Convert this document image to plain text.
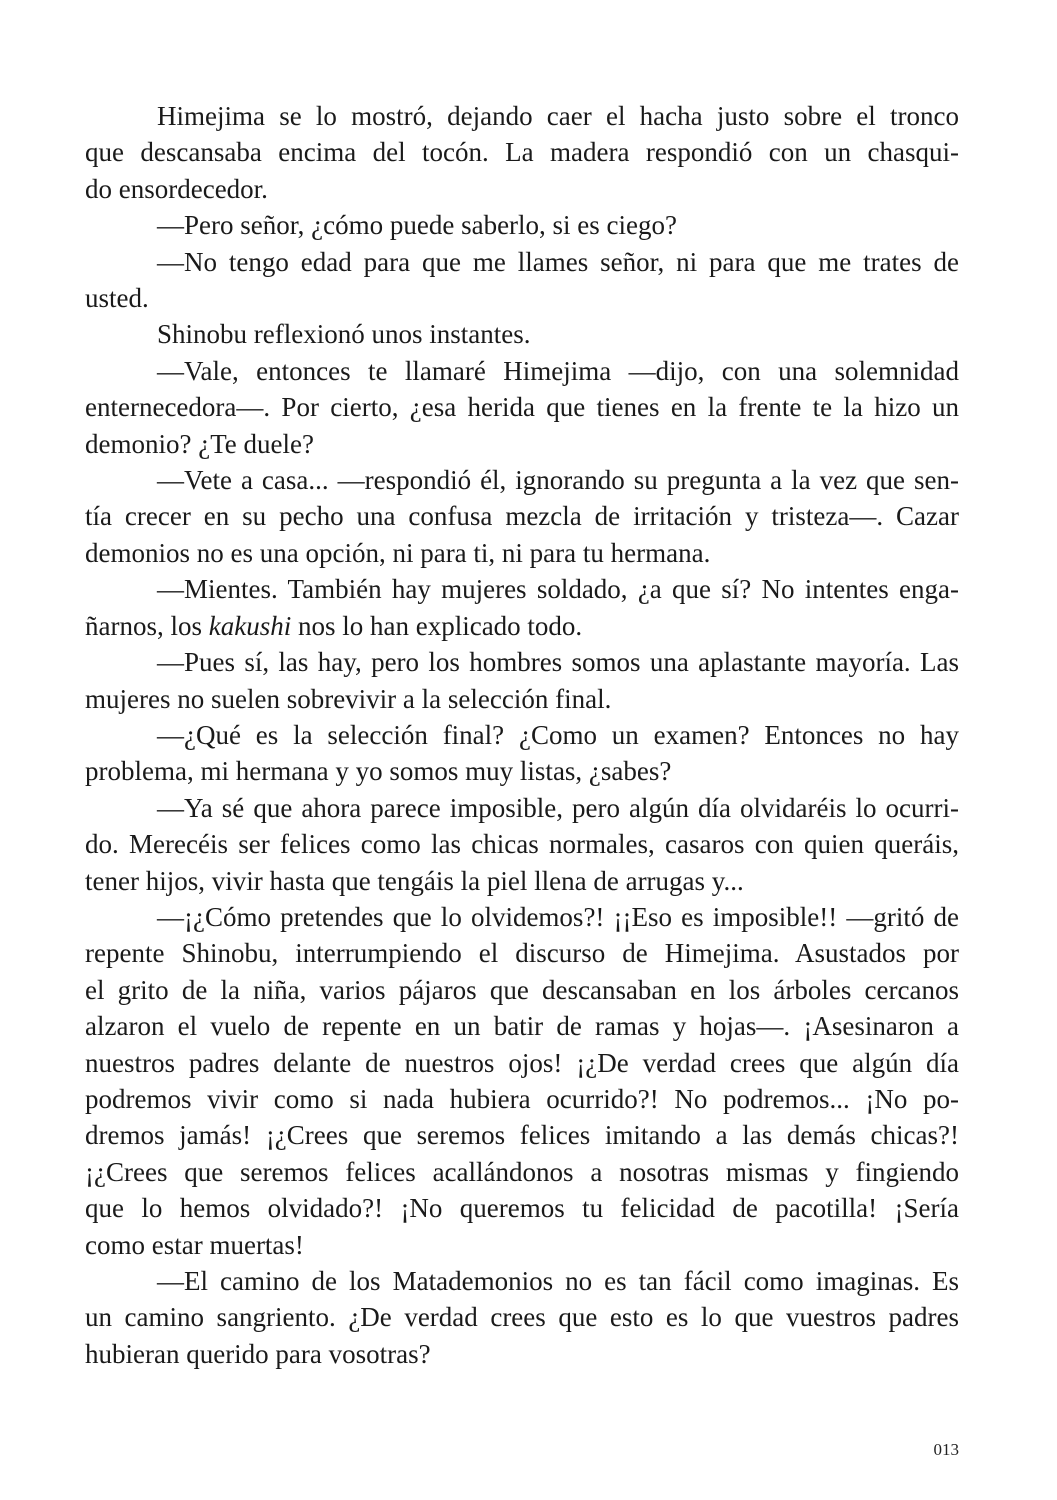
Himejima se lo mostró, dejando caer el hacha justo sobre el tronco
que descansaba encima del tocón. La madera respondió con un chasqui-
do ensordecedor.

—Pero señor, ¿cómo puede saberlo, si es ciego?

—No tengo edad para que me llames señor, ni para que me trates de
usted.

Shinobu reflexionó unos instantes.

—Vale, entonces te llamaré Himejima —dijo, con una solemnidad
enternecedora—. Por cierto, ¿esa herida que tienes en la frente te la hizo un
demonio? ¿Te duele?

—Vete a casa... —respondió él, ignorando su pregunta a la vez que sen-
tía crecer en su pecho una confusa mezcla de irritación y tristeza—. Cazar
demonios no es una opción, ni para ti, ni para tu hermana.

—Mientes. También hay mujeres soldado, ¿a que sí? No intentes enga-
ñarnos, los kakushi nos lo han explicado todo.

—Pues sí, las hay, pero los hombres somos una aplastante mayoría. Las
mujeres no suelen sobrevivir a la selección final.

—¿Qué es la selección final? ¿Como un examen? Entonces no hay
problema, mi hermana y yo somos muy listas, ¿sabes?

—Ya sé que ahora parece imposible, pero algún día olvidaréis lo ocurri-
do. Merecéis ser felices como las chicas normales, casaros con quien queráis,
tener hijos, vivir hasta que tengáis la piel llena de arrugas y...

—¡¿Cómo pretendes que lo olvidemos?! ¡¡Eso es imposible!! —gritó de
repente Shinobu, interrumpiendo el discurso de Himejima. Asustados por
el grito de la niña, varios pájaros que descansaban en los árboles cercanos
alzaron el vuelo de repente en un batir de ramas y hojas—. ¡Asesinaron a
nuestros padres delante de nuestros ojos! ¡¿De verdad crees que algún día
podremos vivir como si nada hubiera ocurrido?! No podremos... ¡No po-
dremos jamás! ¡¿Crees que seremos felices imitando a las demás chicas?!
¡¿Crees que seremos felices acallándonos a nosotras mismas y fingiendo
que lo hemos olvidado?! ¡No queremos tu felicidad de pacotilla! ¡Sería
como estar muertas!

—El camino de los Matademonios no es tan fácil como imaginas. Es
un camino sangriento. ¿De verdad crees que esto es lo que vuestros padres
hubieran querido para vosotras?

013
